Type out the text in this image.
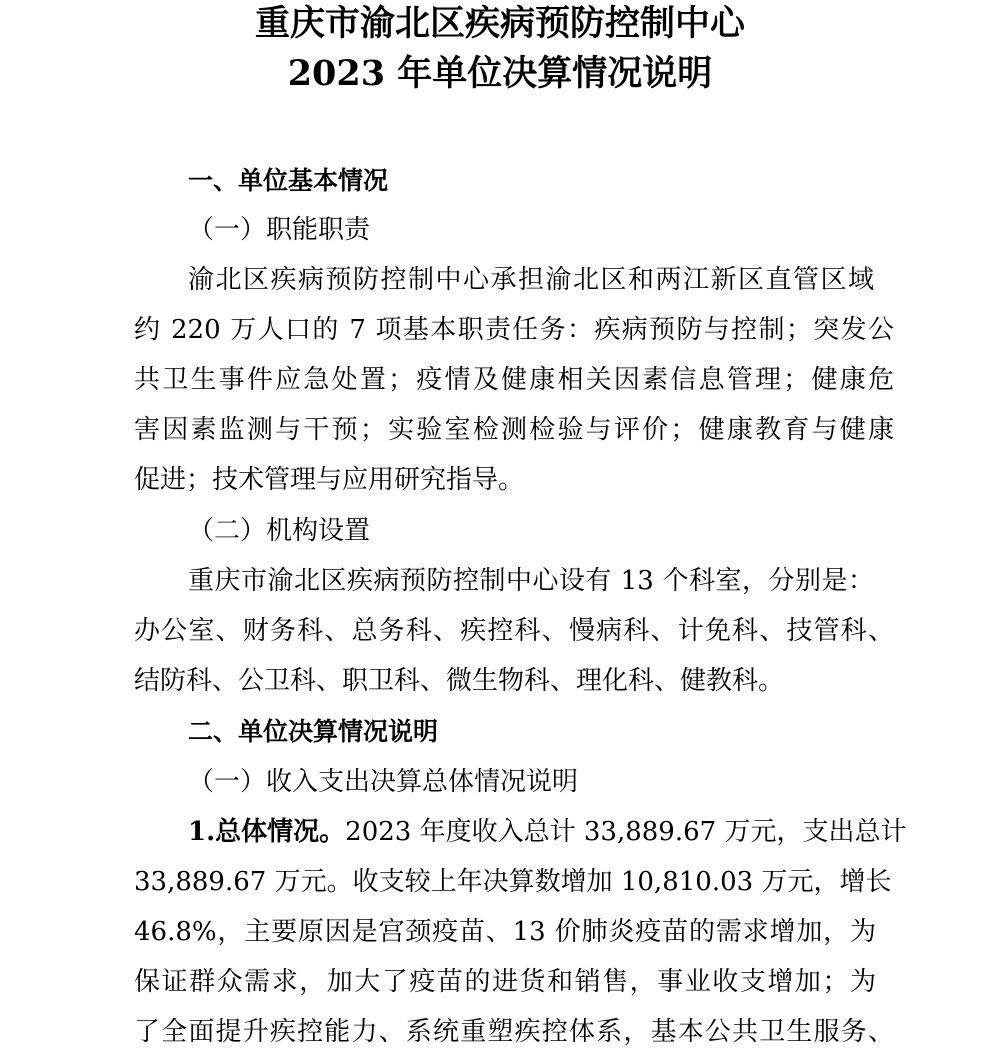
重庆市渝北区疾病预防控制中心
2023 年单位决算情况说明

一、单位基本情况

（一）职能职责

渝北区疾病预防控制中心承担渝北区和两江新区直管区域

约 220 万人口的 7 项基本职责任务：疾病预防与控制；突发公

共卫生事件应急处置；疫情及健康相关因素信息管理；健康危

害因素监测与干预；实验室检测检验与评价；健康教育与健康

促进；技术管理与应用研究指导。

（二）机构设置

重庆市渝北区疾病预防控制中心设有 13 个科室，分别是：

办公室、财务科、总务科、疾控科、慢病科、计免科、技管科、

结防科、公卫科、职卫科、微生物科、理化科、健教科。

二、单位决算情况说明

（一）收入支出决算总体情况说明

1.总体情况。2023 年度收入总计 33,889.67 万元，支出总计

33,889.67 万元。收支较上年决算数增加 10,810.03 万元，增长

46.8%，主要原因是宫颈疫苗、13 价肺炎疫苗的需求增加，为

保证群众需求，加大了疫苗的进货和销售，事业收支增加；为

了全面提升疾控能力、系统重塑疾控体系，基本公共卫生服务、
